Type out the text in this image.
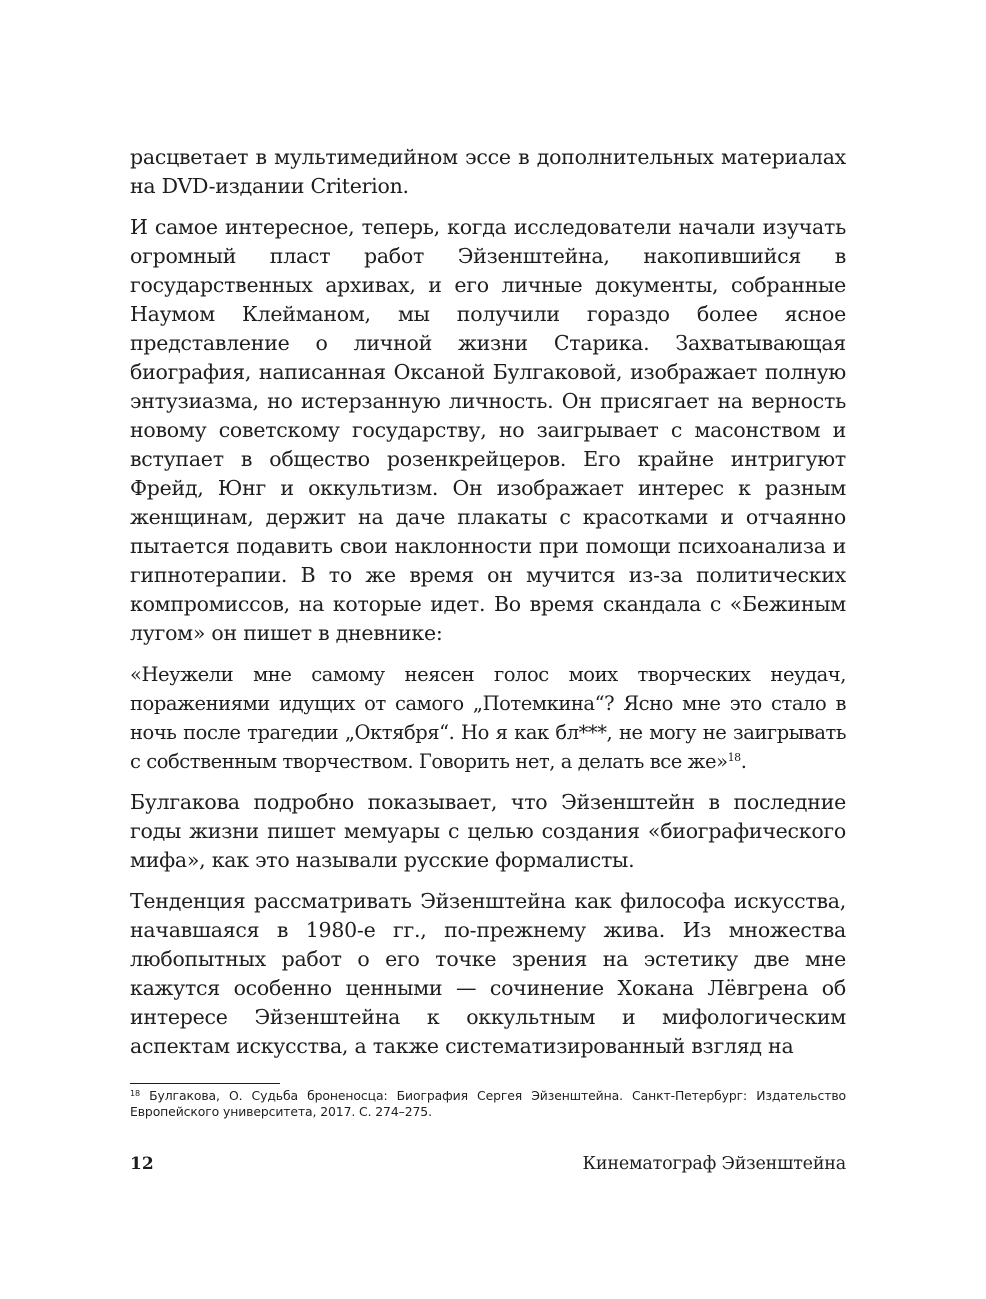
расцветает в мультимедийном эссе в дополнительных материалах на DVD-издании Criterion.

И самое интересное, теперь, когда исследователи начали изучать огромный пласт работ Эйзенштейна, накопившийся в государственных архивах, и его личные документы, собранные Наумом Клейманом, мы получили гораздо более ясное представление о личной жизни Старика. Захватывающая биография, написанная Оксаной Булгаковой, изображает полную энтузиазма, но истерзанную личность. Он присягает на верность новому советскому государству, но заигрывает с масонством и вступает в общество розенкрейцеров. Его крайне интригуют Фрейд, Юнг и оккультизм. Он изображает интерес к разным женщинам, держит на даче плакаты с красотками и отчаянно пытается подавить свои наклонности при помощи психоанализа и гипнотерапии. В то же время он мучится из-за политических компромиссов, на которые идет. Во время скандала с «Бежиным лугом» он пишет в дневнике:

«Неужели мне самому неясен голос моих творческих неудач, поражениями идущих от самого „Потемкина“? Ясно мне это стало в ночь после трагедии „Октября“. Но я как бл***, не могу не заигрывать с собственным творчеством. Говорить нет, а делать все же»$^{18}$.

Булгакова подробно показывает, что Эйзенштейн в последние годы жизни пишет мемуары с целью создания «биографического мифа», как это называли русские формалисты.

Тенденция рассматривать Эйзенштейна как философа искусства, начавшаяся в 1980-е гг., по-прежнему жива. Из множества любопытных работ о его точке зрения на эстетику две мне кажутся особенно ценными — сочинение Хокана Лёвгрена об интересе Эйзенштейна к оккультным и мифологическим аспектам искусства, а также систематизированный взгляд на

$^{18}$ Булгакова, О. Судьба броненосца: Биография Сергея Эйзенштейна. Санкт-Петербург: Издательство Европейского университета, 2017. С. 274–275.
12	Кинематограф Эйзенштейна
